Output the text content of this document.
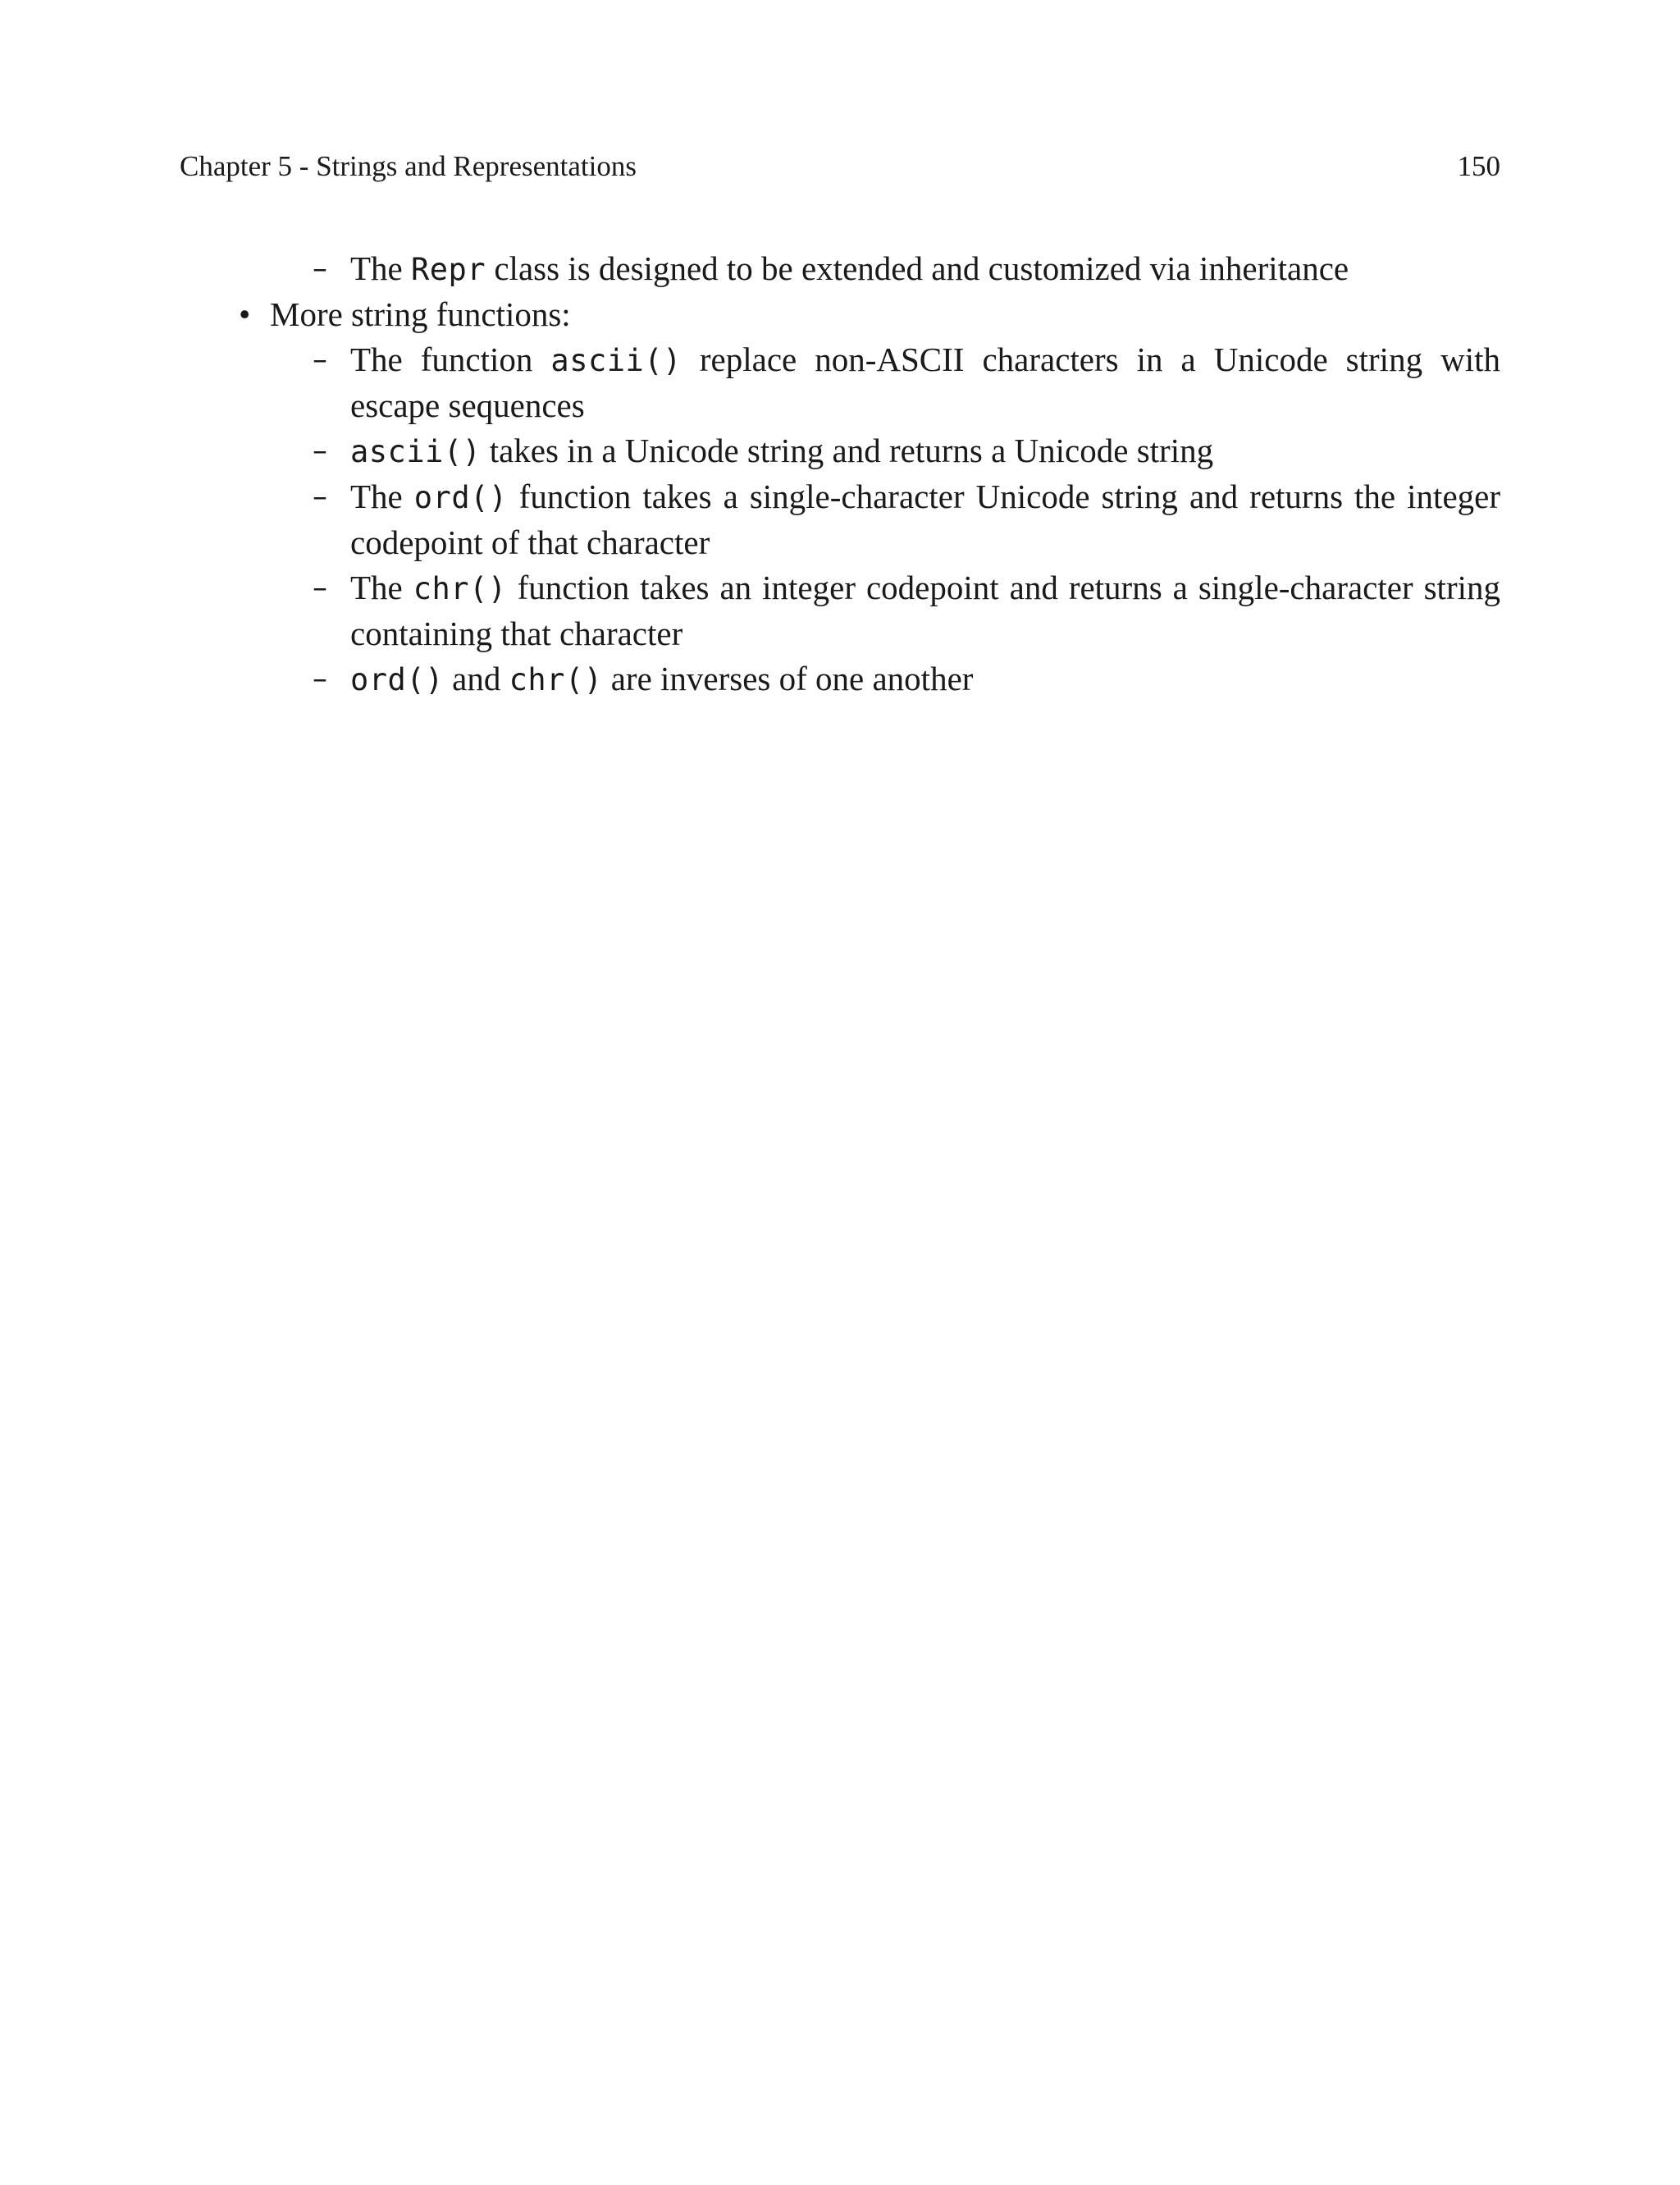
Chapter 5 - Strings and Representations	150
– The Repr class is designed to be extended and customized via inheritance
• More string functions:
– The function ascii() replace non-ASCII characters in a Unicode string with escape sequences
– ascii() takes in a Unicode string and returns a Unicode string
– The ord() function takes a single-character Unicode string and returns the integer codepoint of that character
– The chr() function takes an integer codepoint and returns a single-character string containing that character
– ord() and chr() are inverses of one another
